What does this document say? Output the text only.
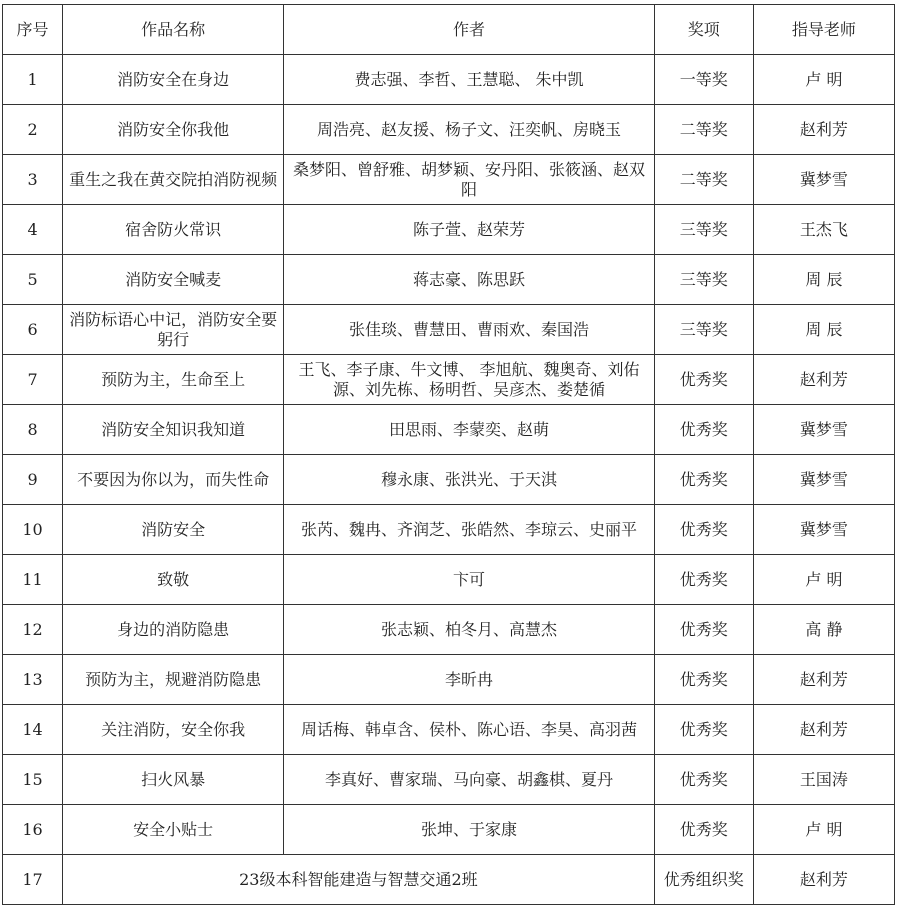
序号	作品名称	作者	奖项	指导老师
1	消防安全在身边	费志强、李哲、王慧聪、 朱中凯	一等奖	卢 明
2	消防安全你我他	周浩亮、赵友援、杨子文、汪奕帆、房晓玉	二等奖	赵利芳
3	重生之我在黄交院拍消防视频	桑梦阳、曾舒雅、胡梦颖、安丹阳、张筱涵、赵双阳	二等奖	冀梦雪
4	宿舍防火常识	陈子萱、赵荣芳	三等奖	王杰飞
5	消防安全喊麦	蒋志豪、陈思跃	三等奖	周 辰
6	消防标语心中记，消防安全要躬行	张佳琰、曹慧田、曹雨欢、秦国浩	三等奖	周 辰
7	预防为主，生命至上	王飞、李子康、牛文博、 李旭航、魏奥奇、刘佑源、刘先栋、杨明哲、吴彦杰、娄楚循	优秀奖	赵利芳
8	消防安全知识我知道	田思雨、李蒙奕、赵萌	优秀奖	冀梦雪
9	不要因为你以为，而失性命	穆永康、张洪光、于天淇	优秀奖	冀梦雪
10	消防安全	张芮、魏冉、齐润芝、张皓然、李琼云、史丽平	优秀奖	冀梦雪
11	致敬	卞可	优秀奖	卢 明
12	身边的消防隐患	张志颖、柏冬月、高慧杰	优秀奖	高 静
13	预防为主，规避消防隐患	李昕冉	优秀奖	赵利芳
14	关注消防，安全你我	周话梅、韩卓含、侯朴、陈心语、李昊、高羽茜	优秀奖	赵利芳
15	扫火风暴	李真好、曹家瑞、马向豪、胡鑫棋、夏丹	优秀奖	王国涛
16	安全小贴士	张坤、于家康	优秀奖	卢 明
17	23级本科智能建造与智慧交通2班		优秀组织奖	赵利芳
